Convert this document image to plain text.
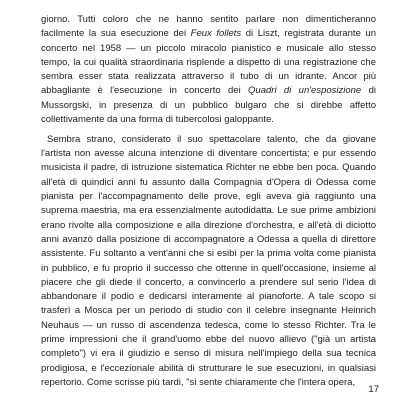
giorno. Tutti coloro che ne hanno sentito parlare non dimenticheranno
facilmente la sua esecuzione dei Feux follets di Liszt, registrata durante un
concerto nel 1958 — un piccolo miracolo pianistico e musicale allo stesso
tempo, la cui qualità straordinaria risplende a dispetto di una registrazione che
sembra esser stata realizzata attraverso il tubo di un idrante. Ancor più
abbagliante è l'esecuzione in concerto dei Quadri di un'esposizione di
Mussorgski, in presenza di un pubblico bulgaro che si direbbe affetto
collettivamente da una forma di tubercolosi galoppante.
Sembra strano, considerato il suo spettacolare talento, che da giovane
l'artista non avesse alcuna intenzione di diventare concertista; e pur essendo
musicista il padre, di istruzione sistematica Richter ne ebbe ben poca. Quando
all'età di quindici anni fu assunto dalla Compagnia d'Opera di Odessa come
pianista per l'accompagnamento delle prove, egli aveva già raggiunto una
suprema maestria, ma era essenzialmente autodidatta. Le sue prime ambizioni
erano rivolte alla composizione e alla direzione d'orchestra, e all'età di diciotto
anni avanzò dalla posizione di accompagnatore a Odessa a quella di direttore
assistente. Fu soltanto a vent'anni che si esibì per la prima volta come pianista
in pubblico, e fu proprio il successo che ottenne in quell'occasione, insieme al
piacere che gli diede il concerto, a convincerlo a prendere sul serio l'idea di
abbandonare il podio e dedicarsi interamente al pianoforte. A tale scopo si
trasferì a Mosca per un periodo di studio con il celebre insegnante Heinrich
Neuhaus — un russo di ascendenza tedesca, come lo stesso Richter. Tra le
prime impressioni che il grand'uomo ebbe del nuovo allievo ("già un artista
completo") vi era il giudizio e senso di misura nell'impiego della sua tecnica
prodigiosa, e l'eccezionale abilità di strutturare le sue esecuzioni, in qualsiasi
repertorio. Come scrisse più tardi, "si sente chiaramente che l'intera opera,
17
